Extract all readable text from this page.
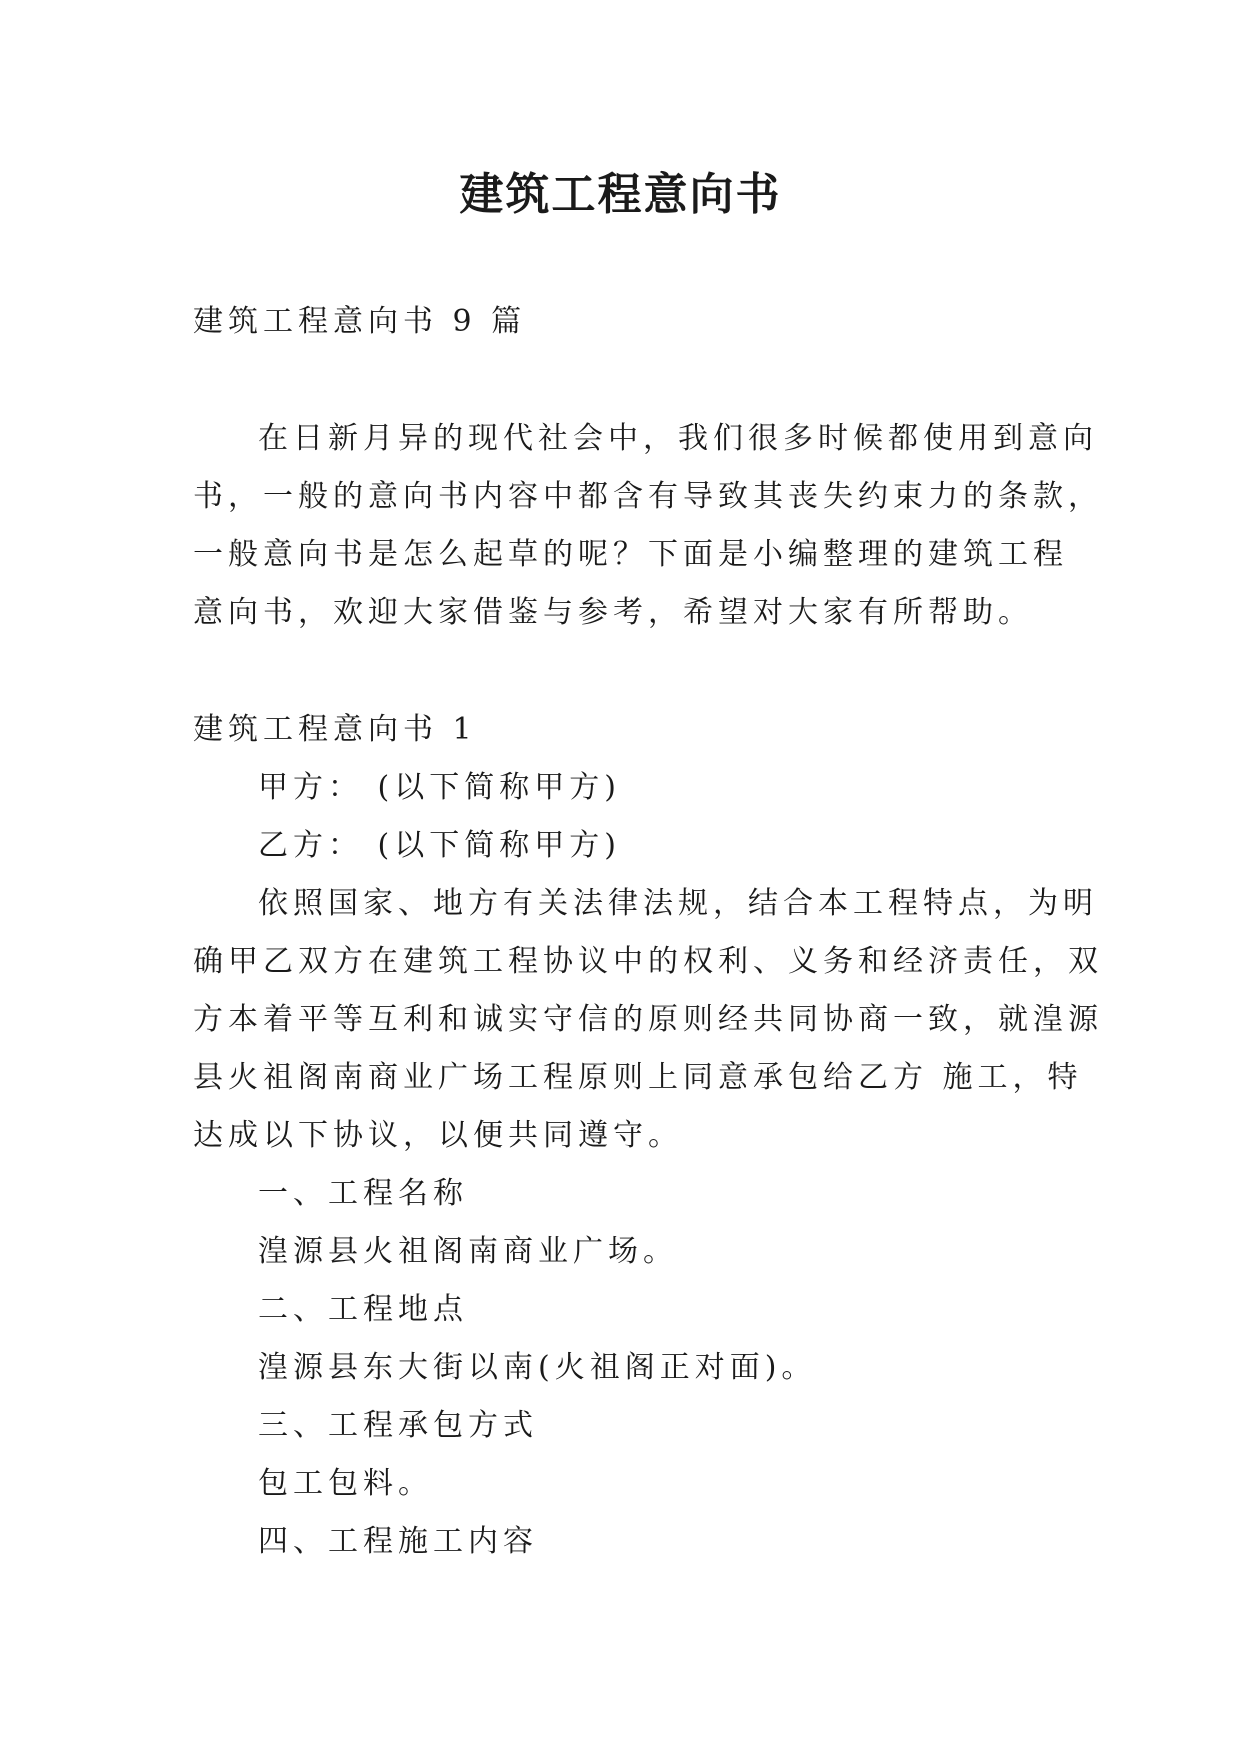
建筑工程意向书
建筑工程意向书 9 篇
在日新月异的现代社会中，我们很多时候都使用到意向
书，一般的意向书内容中都含有导致其丧失约束力的条款，
一般意向书是怎么起草的呢？下面是小编整理的建筑工程
意向书，欢迎大家借鉴与参考，希望对大家有所帮助。
建筑工程意向书 1
甲方： (以下简称甲方)
乙方： (以下简称甲方)
依照国家、地方有关法律法规，结合本工程特点，为明
确甲乙双方在建筑工程协议中的权利、义务和经济责任，双
方本着平等互利和诚实守信的原则经共同协商一致，就湟源
县火祖阁南商业广场工程原则上同意承包给乙方 施工，特
达成以下协议，以便共同遵守。
一、工程名称
湟源县火祖阁南商业广场。
二、工程地点
湟源县东大街以南(火祖阁正对面)。
三、工程承包方式
包工包料。
四、工程施工内容
